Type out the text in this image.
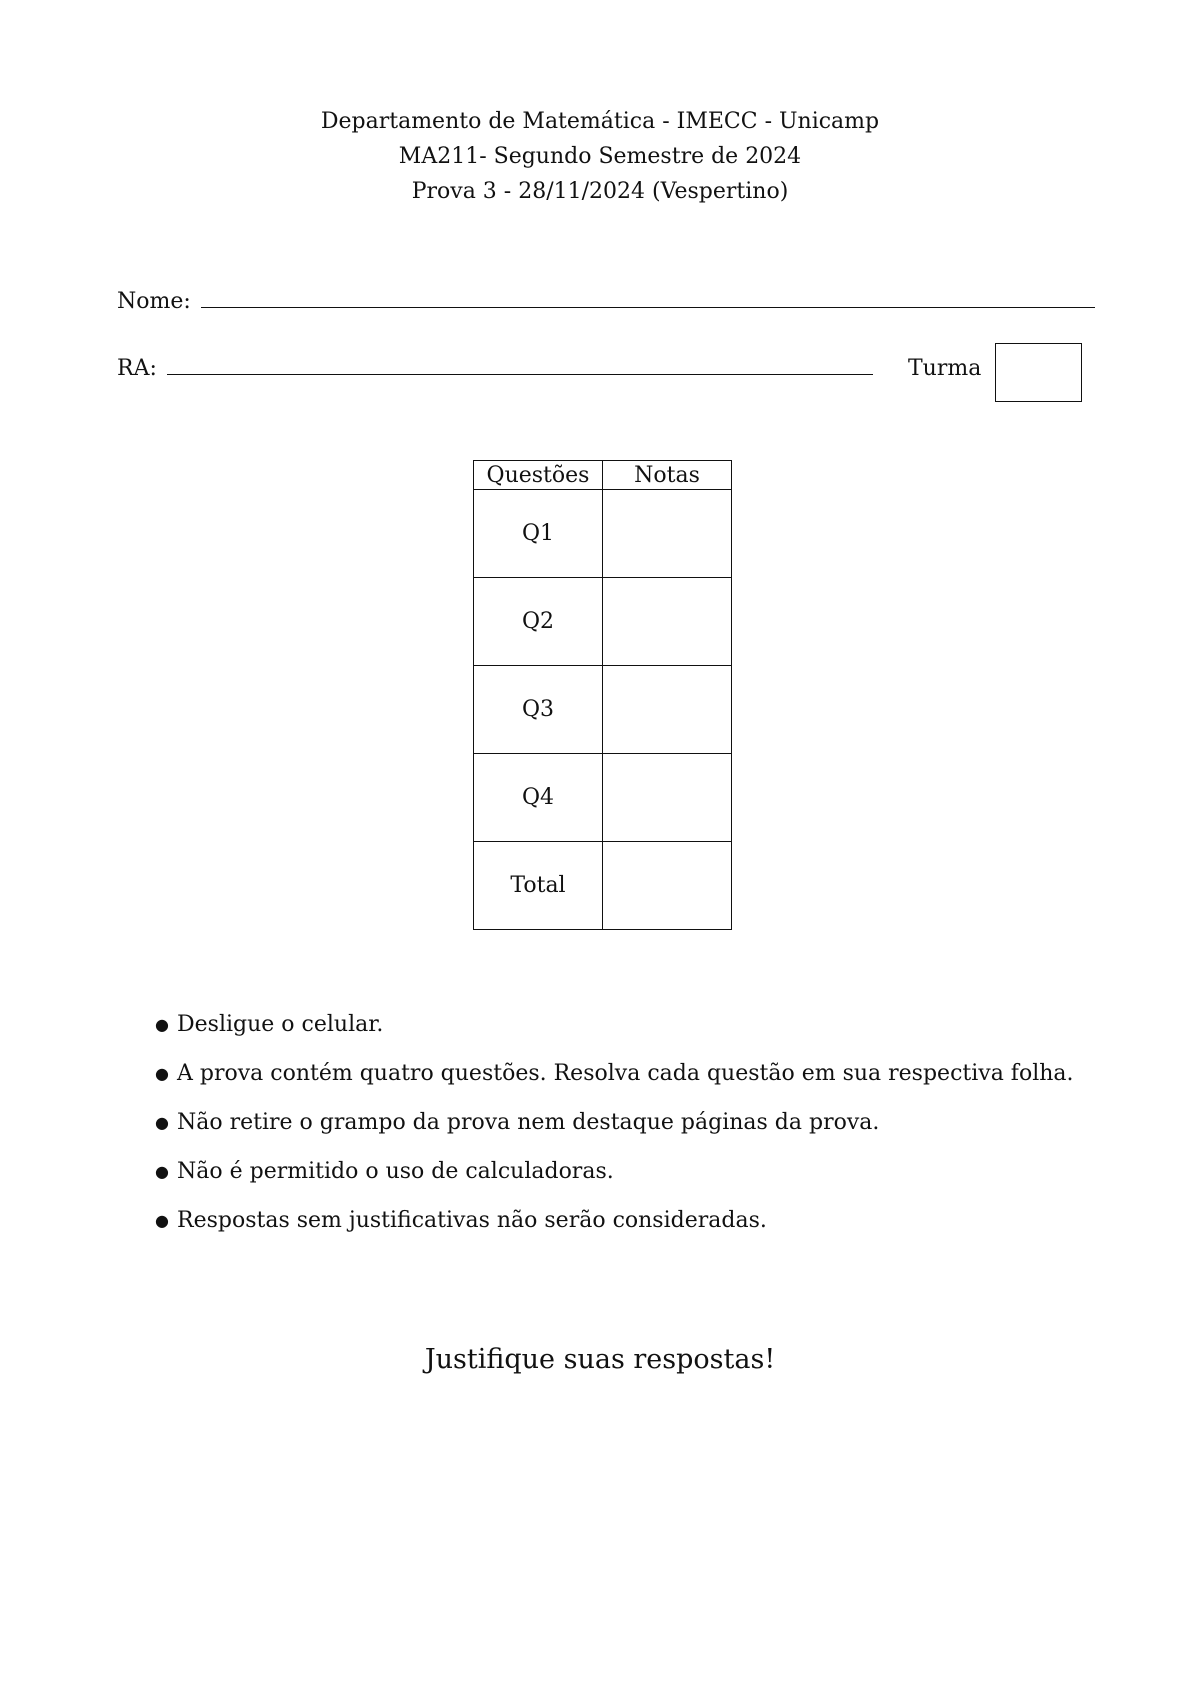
Departamento de Matemática - IMECC - Unicamp
MA211- Segundo Semestre de 2024
Prova 3 - 28/11/2024 (Vespertino)
Nome:
RA:	Turma
Questões	Notas
Q1	
Q2	
Q3	
Q4	
Total	
● Desligue o celular.
● A prova contém quatro questões. Resolva cada questão em sua respectiva folha.
● Não retire o grampo da prova nem destaque páginas da prova.
● Não é permitido o uso de calculadoras.
● Respostas sem justificativas não serão consideradas.
Justifique suas respostas!
